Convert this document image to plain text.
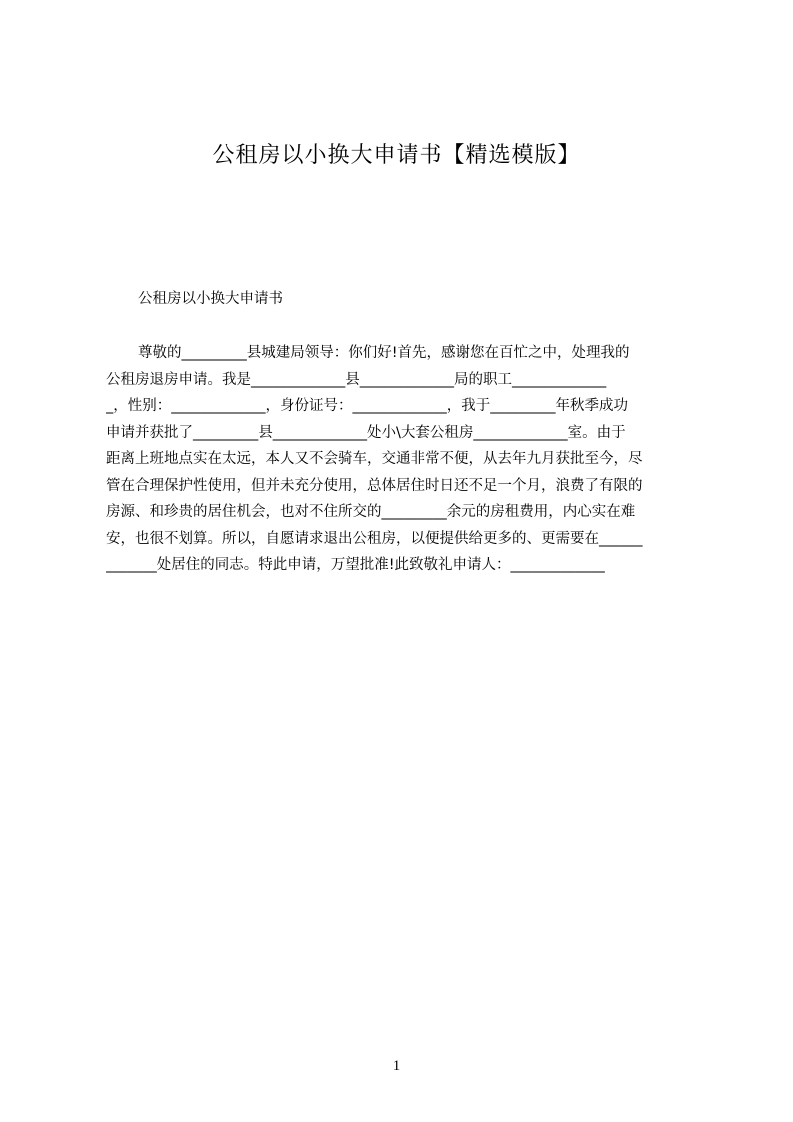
公租房以小换大申请书【精选模版】
公租房以小换大申请书
尊敬的_________县城建局领导：你们好!首先，感谢您在百忙之中，处理我的
公租房退房申请。我是_____________县_____________局的职工_____________
_，性别：_____________，身份证号：_____________，我于_________年秋季成功
申请并获批了_________县_____________处小\大套公租房_____________室。由于
距离上班地点实在太远，本人又不会骑车，交通非常不便，从去年九月获批至今，尽
管在合理保护性使用，但并未充分使用，总体居住时日还不足一个月，浪费了有限的
房源、和珍贵的居住机会，也对不住所交的_________余元的房租费用，内心实在难
安，也很不划算。所以，自愿请求退出公租房，以便提供给更多的、更需要在______
_______处居住的同志。特此申请，万望批准!此致敬礼申请人：_____________
1
